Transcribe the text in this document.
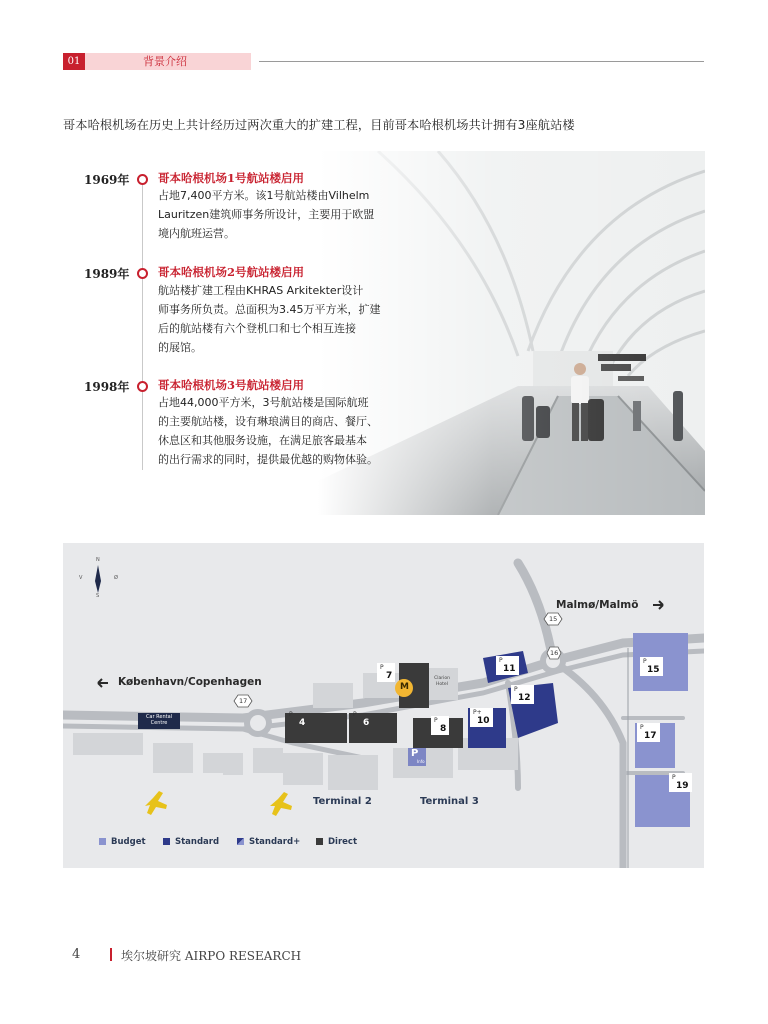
01	背景介绍
哥本哈根机场在历史上共计经历过两次重大的扩建工程，目前哥本哈根机场共计拥有3座航站楼
1969年 哥本哈根机场1号航站楼启用
占地7,400平方米。该1号航站楼由Vilhelm
Lauritzen建筑师事务所设计，主要用于欧盟
境内航班运营。
1989年 哥本哈根机场2号航站楼启用
航站楼扩建工程由KHRAS Arkitekter设计
师事务所负责。总面积为3.45万平方米，扩建
后的航站楼有六个登机口和七个相互连接
的展馆。
1998年 哥本哈根机场3号航站楼启用
占地44,000平方米，3号航站楼是国际航班
的主要航站楼，设有琳琅满目的商店、餐厅、
休息区和其他服务设施，在满足旅客最基本
的出行需求的同时，提供最优越的购物体验。
N
S
V	Ø
Malmø/Malmö
København/Copenhagen
15
16
17
Car Rental
Centre
Clarion
Hotel
M
P
4
P
6
P
7
P
8
P+
10
P
11
P
12
P
15
P
17
P
19
P
Info
Terminal 2	Terminal 3
Budget	Standard	Standard+	Direct
4	埃尔坡研究 AIRPO RESEARCH
